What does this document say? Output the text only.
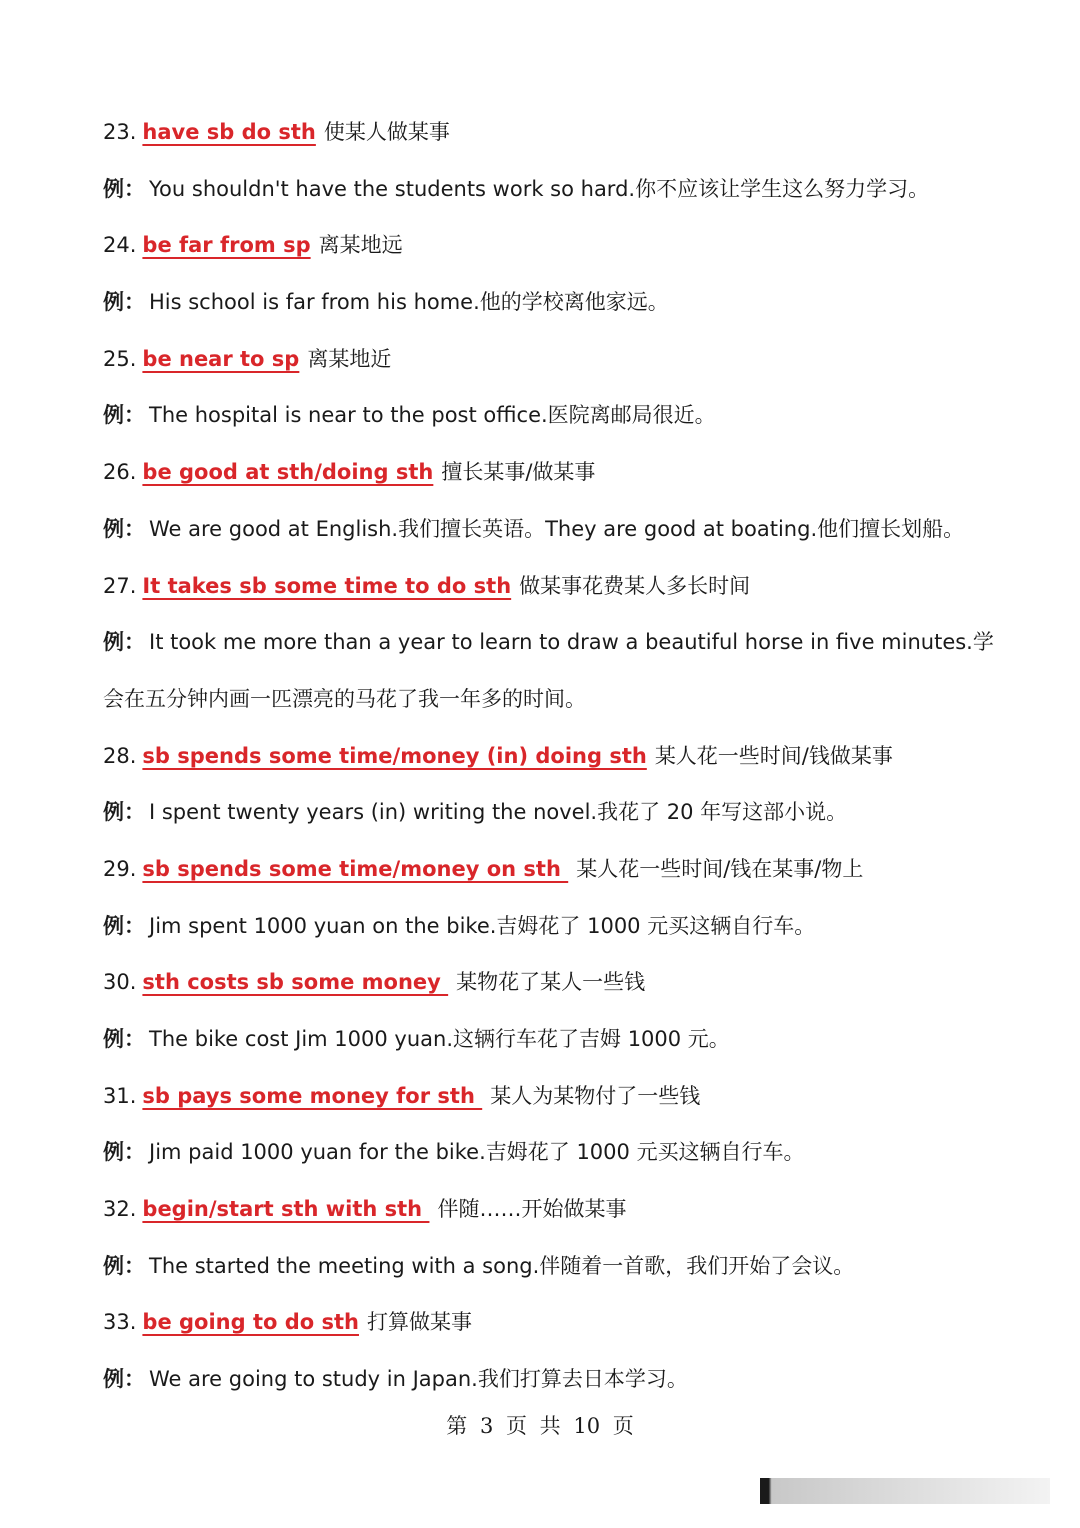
23. have sb do sth 使某人做某事
例： You shouldn't have the students work so hard.你不应该让学生这么努力学习。
24. be far from sp 离某地远
例： His school is far from his home.他的学校离他家远。
25. be near to sp 离某地近
例： The hospital is near to the post office.医院离邮局很近。
26. be good at sth/doing sth 擅长某事/做某事
例： We are good at English.我们擅长英语。They are good at boating.他们擅长划船。
27. It takes sb some time to do sth 做某事花费某人多长时间
例： It took me more than a year to learn to draw a beautiful horse in five minutes.学
会在五分钟内画一匹漂亮的马花了我一年多的时间。
28. sb spends some time/money (in) doing sth 某人花一些时间/钱做某事
例： I spent twenty years (in) writing the novel.我花了 20 年写这部小说。
29. sb spends some time/money on sth 某人花一些时间/钱在某事/物上
例： Jim spent 1000 yuan on the bike.吉姆花了 1000 元买这辆自行车。
30. sth costs sb some money 某物花了某人一些钱
例： The bike cost Jim 1000 yuan.这辆行车花了吉姆 1000 元。
31. sb pays some money for sth 某人为某物付了一些钱
例： Jim paid 1000 yuan for the bike.吉姆花了 1000 元买这辆自行车。
32. begin/start sth with sth 伴随……开始做某事
例： The started the meeting with a song.伴随着一首歌，我们开始了会议。
33. be going to do sth 打算做某事
例： We are going to study in Japan.我们打算去日本学习。
第 3 页 共 10 页
